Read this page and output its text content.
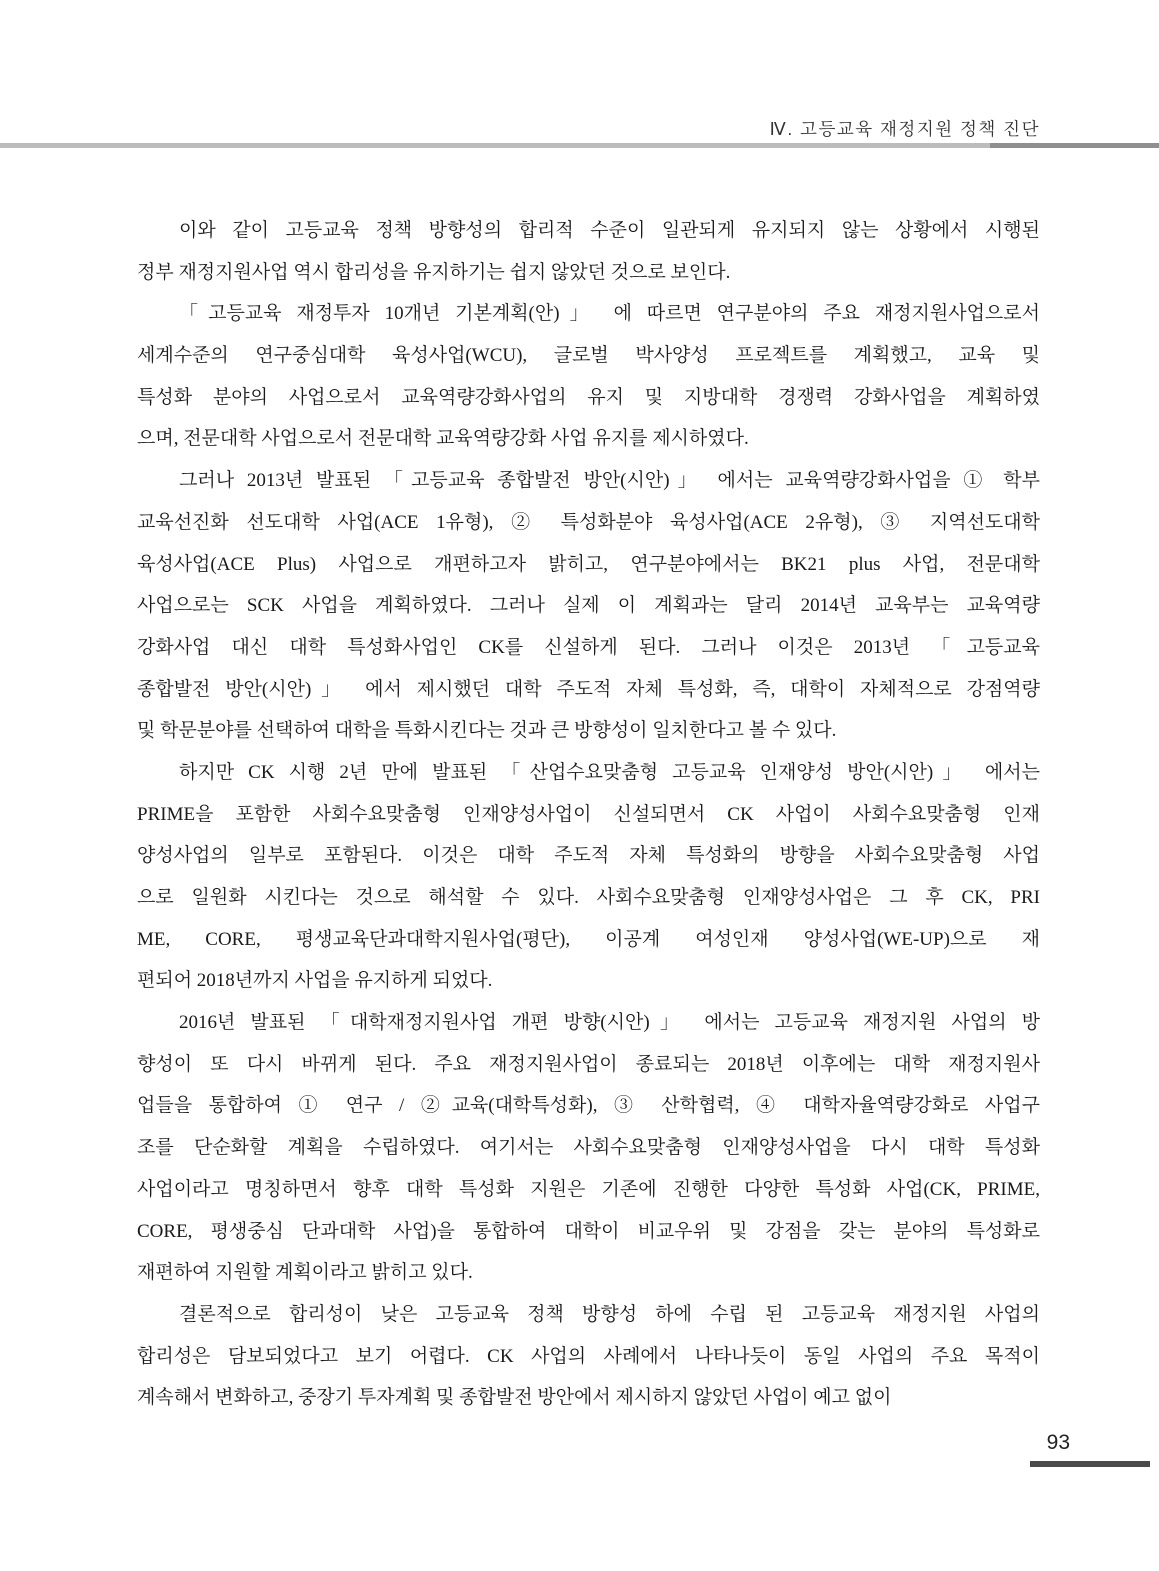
Ⅳ. 고등교육 재정지원 정책 진단
이와 같이 고등교육 정책 방향성의 합리적 수준이 일관되게 유지되지 않는 상황에서 시행된
정부 재정지원사업 역시 합리성을 유지하기는 쉽지 않았던 것으로 보인다.
「고등교육 재정투자 10개년 기본계획(안)」 에 따르면 연구분야의 주요 재정지원사업으로서
세계수준의 연구중심대학 육성사업(WCU), 글로벌 박사양성 프로젝트를 계획했고, 교육 및
특성화 분야의 사업으로서 교육역량강화사업의 유지 및 지방대학 경쟁력 강화사업을 계획하였
으며, 전문대학 사업으로서 전문대학 교육역량강화 사업 유지를 제시하였다.
그러나 2013년 발표된 「고등교육 종합발전 방안(시안)」 에서는 교육역량강화사업을 ① 학부
교육선진화 선도대학 사업(ACE 1유형), ② 특성화분야 육성사업(ACE 2유형), ③ 지역선도대학
육성사업(ACE Plus) 사업으로 개편하고자 밝히고, 연구분야에서는 BK21 plus 사업, 전문대학
사업으로는 SCK 사업을 계획하였다. 그러나 실제 이 계획과는 달리 2014년 교육부는 교육역량
강화사업 대신 대학 특성화사업인 CK를 신설하게 된다. 그러나 이것은 2013년 「고등교육
종합발전 방안(시안)」 에서 제시했던 대학 주도적 자체 특성화, 즉, 대학이 자체적으로 강점역량
및 학문분야를 선택하여 대학을 특화시킨다는 것과 큰 방향성이 일치한다고 볼 수 있다.
하지만 CK 시행 2년 만에 발표된 「산업수요맞춤형 고등교육 인재양성 방안(시안)」 에서는
PRIME을 포함한 사회수요맞춤형 인재양성사업이 신설되면서 CK 사업이 사회수요맞춤형 인재
양성사업의 일부로 포함된다. 이것은 대학 주도적 자체 특성화의 방향을 사회수요맞춤형 사업
으로 일원화 시킨다는 것으로 해석할 수 있다. 사회수요맞춤형 인재양성사업은 그 후 CK, PRI
ME, CORE, 평생교육단과대학지원사업(평단), 이공계 여성인재 양성사업(WE-UP)으로 재
편되어 2018년까지 사업을 유지하게 되었다.
2016년 발표된 「대학재정지원사업 개편 방향(시안)」 에서는 고등교육 재정지원 사업의 방
향성이 또 다시 바뀌게 된다. 주요 재정지원사업이 종료되는 2018년 이후에는 대학 재정지원사
업들을 통합하여 ① 연구 / ②교육(대학특성화), ③ 산학협력, ④ 대학자율역량강화로 사업구
조를 단순화할 계획을 수립하였다. 여기서는 사회수요맞춤형 인재양성사업을 다시 대학 특성화
사업이라고 명칭하면서 향후 대학 특성화 지원은 기존에 진행한 다양한 특성화 사업(CK, PRIME,
CORE, 평생중심 단과대학 사업)을 통합하여 대학이 비교우위 및 강점을 갖는 분야의 특성화로
재편하여 지원할 계획이라고 밝히고 있다.
결론적으로 합리성이 낮은 고등교육 정책 방향성 하에 수립 된 고등교육 재정지원 사업의
합리성은 담보되었다고 보기 어렵다. CK 사업의 사례에서 나타나듯이 동일 사업의 주요 목적이
계속해서 변화하고, 중장기 투자계획 및 종합발전 방안에서 제시하지 않았던 사업이 예고 없이
93
